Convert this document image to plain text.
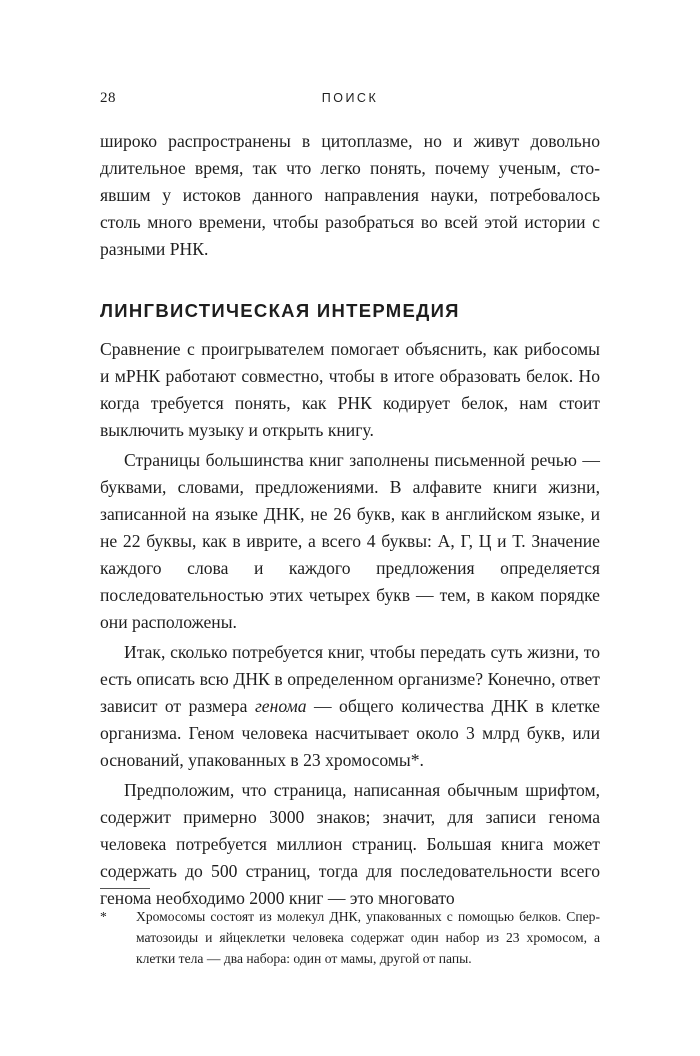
28	ПОИСК

широко распространены в цитоплазме, но и живут довольно длительное время, так что легко понять, почему ученым, стоявшим у истоков данного направления науки, потребовалось столь много времени, чтобы разобраться во всей этой истории с разными РНК.

ЛИНГВИСТИЧЕСКАЯ ИНТЕРМЕДИЯ

Сравнение с проигрывателем помогает объяснить, как рибосомы и мРНК работают совместно, чтобы в итоге образовать белок. Но когда требуется понять, как РНК кодирует белок, нам стоит выключить музыку и открыть книгу.

Страницы большинства книг заполнены письменной речью — буквами, словами, предложениями. В алфавите книги жизни, записанной на языке ДНК, не 26 букв, как в английском языке, и не 22 буквы, как в иврите, а всего 4 буквы: А, Г, Ц и Т. Значение каждого слова и каждого предложения определяется последовательностью этих четырех букв — тем, в каком порядке они расположены.

Итак, сколько потребуется книг, чтобы передать суть жизни, то есть описать всю ДНК в определенном организме? Конечно, ответ зависит от размера генома — общего количества ДНК в клетке организма. Геном человека насчитывает около 3 млрд букв, или оснований, упакованных в 23 хромосомы*.

Предположим, что страница, написанная обычным шрифтом, содержит примерно 3000 знаков; значит, для записи генома человека потребуется миллион страниц. Большая книга может содержать до 500 страниц, тогда для последовательности всего генома необходимо 2000 книг — это многовато

* Хромосомы состоят из молекул ДНК, упакованных с помощью белков. Сперматозоиды и яйцеклетки человека содержат один набор из 23 хромосом, а клетки тела — два набора: один от мамы, другой от папы.
